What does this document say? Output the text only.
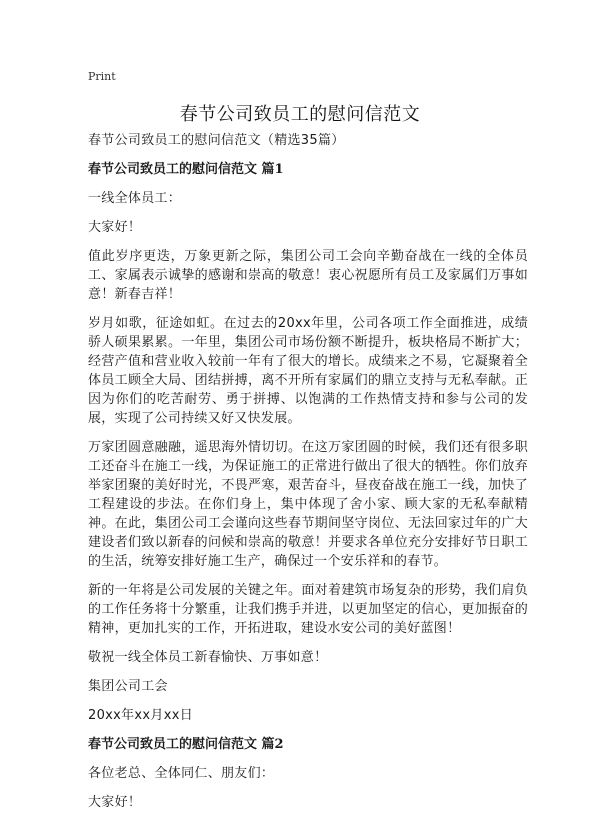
Print
春节公司致员工的慰问信范文

春节公司致员工的慰问信范文（精选35篇）

春节公司致员工的慰问信范文 篇1

一线全体员工：

大家好！

值此岁序更迭，万象更新之际，集团公司工会向辛勤奋战在一线的全体员工、家属表示诚挚的感谢和崇高的敬意！衷心祝愿所有员工及家属们万事如意！新春吉祥！

岁月如歌，征途如虹。在过去的20xx年里，公司各项工作全面推进，成绩骄人硕果累累。一年里，集团公司市场份额不断提升，板块格局不断扩大；经营产值和营业收入较前一年有了很大的增长。成绩来之不易，它凝聚着全体员工顾全大局、团结拼搏，离不开所有家属们的鼎立支持与无私奉献。正因为你们的吃苦耐劳、勇于拼搏、以饱满的工作热情支持和参与公司的发展，实现了公司持续又好又快发展。

万家团圆意融融，遥思海外情切切。在这万家团圆的时候，我们还有很多职工还奋斗在施工一线，为保证施工的正常进行做出了很大的牺牲。你们放弃举家团聚的美好时光，不畏严寒，艰苦奋斗，昼夜奋战在施工一线，加快了工程建设的步法。在你们身上，集中体现了舍小家、顾大家的无私奉献精神。在此，集团公司工会谨向这些春节期间坚守岗位、无法回家过年的广大建设者们致以新春的问候和崇高的敬意！并要求各单位充分安排好节日职工的生活，统筹安排好施工生产，确保过一个安乐祥和的春节。

新的一年将是公司发展的关键之年。面对着建筑市场复杂的形势，我们肩负的工作任务将十分繁重，让我们携手并进，以更加坚定的信心，更加振奋的精神，更加扎实的工作，开拓进取，建设水安公司的美好蓝图！

敬祝一线全体员工新春愉快、万事如意！

集团公司工会

20xx年xx月xx日

春节公司致员工的慰问信范文 篇2

各位老总、全体同仁、朋友们：

大家好！
